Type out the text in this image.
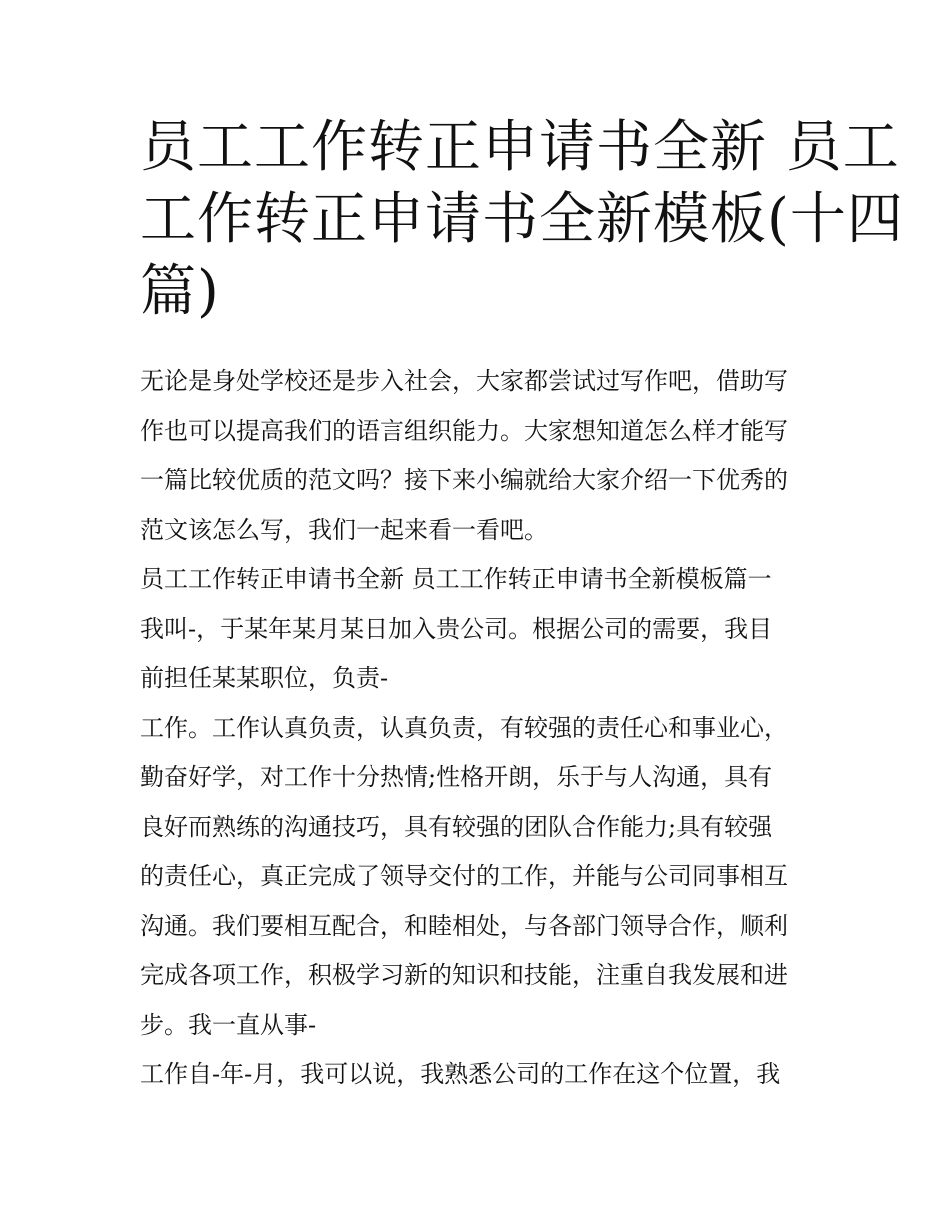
员工工作转正申请书全新 员工
工作转正申请书全新模板(十四
篇)
无论是身处学校还是步入社会，大家都尝试过写作吧，借助写
作也可以提高我们的语言组织能力。大家想知道怎么样才能写
一篇比较优质的范文吗？接下来小编就给大家介绍一下优秀的
范文该怎么写，我们一起来看一看吧。
员工工作转正申请书全新 员工工作转正申请书全新模板篇一
我叫-，于某年某月某日加入贵公司。根据公司的需要，我目
前担任某某职位，负责-
工作。工作认真负责，认真负责，有较强的责任心和事业心，
勤奋好学，对工作十分热情;性格开朗，乐于与人沟通，具有
良好而熟练的沟通技巧，具有较强的团队合作能力;具有较强
的责任心，真正完成了领导交付的工作，并能与公司同事相互
沟通。我们要相互配合，和睦相处，与各部门领导合作，顺利
完成各项工作，积极学习新的知识和技能，注重自我发展和进
步。我一直从事-
工作自-年-月，我可以说，我熟悉公司的工作在这个位置，我
